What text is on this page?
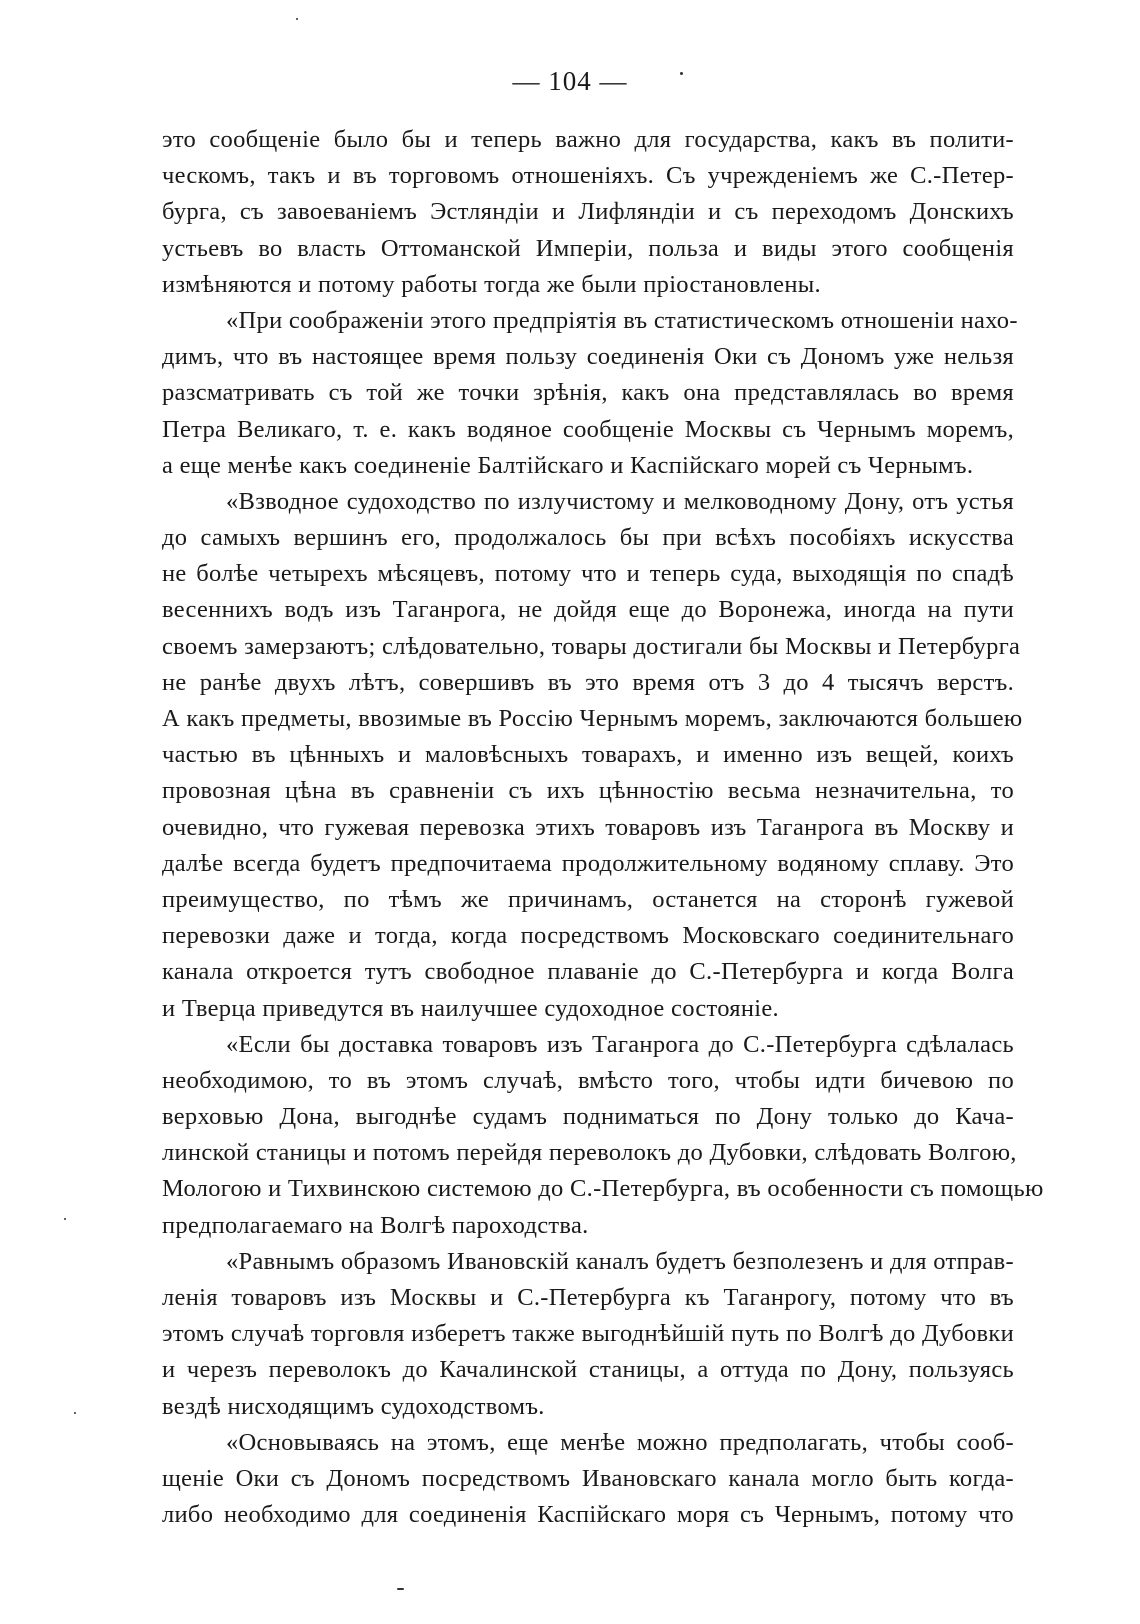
— 104 —

это сообщеніе было бы и теперь важно для государства, какъ въ полити-
ческомъ, такъ и въ торговомъ отношеніяхъ. Съ учрежденіемъ же С.-Петер-
бурга, съ завоеваніемъ Эстляндіи и Лифляндіи и съ переходомъ Донскихъ
устьевъ во власть Оттоманской Имперіи, польза и виды этого сообщенія
измѣняются и потому работы тогда же были пріостановлены.

«При соображеніи этого предпріятія въ статистическомъ отношеніи нахо-
димъ, что въ настоящее время пользу соединенія Оки съ Дономъ уже нельзя
разсматривать съ той же точки зрѣнія, какъ она представлялась во время
Петра Великаго, т. е. какъ водяное сообщеніе Москвы съ Чернымъ моремъ,
а еще менѣе какъ соединеніе Балтійскаго и Каспійскаго морей съ Чернымъ.

«Взводное судоходство по излучистому и мелководному Дону, отъ устья
до самыхъ вершинъ его, продолжалось бы при всѣхъ пособіяхъ искусства
не болѣе четырехъ мѣсяцевъ, потому что и теперь суда, выходящія по спадѣ
весеннихъ водъ изъ Таганрога, не дойдя еще до Воронежа, иногда на пути
своемъ замерзаютъ; слѣдовательно, товары достигали бы Москвы и Петербурга
не ранѣе двухъ лѣтъ, совершивъ въ это время отъ 3 до 4 тысячъ верстъ.
А какъ предметы, ввозимые въ Россію Чернымъ моремъ, заключаются большею
частью въ цѣнныхъ и маловѣсныхъ товарахъ, и именно изъ вещей, коихъ
провозная цѣна въ сравненіи съ ихъ цѣнностію весьма незначительна, то
очевидно, что гужевая перевозка этихъ товаровъ изъ Таганрога въ Москву и
далѣе всегда будетъ предпочитаема продолжительному водяному сплаву. Это
преимущество, по тѣмъ же причинамъ, останется на сторонѣ гужевой
перевозки даже и тогда, когда посредствомъ Московскаго соединительнаго
канала откроется тутъ свободное плаваніе до С.-Петербурга и когда Волга
и Тверца приведутся въ наилучшее судоходное состояніе.

«Если бы доставка товаровъ изъ Таганрога до С.-Петербурга сдѣлалась
необходимою, то въ этомъ случаѣ, вмѣсто того, чтобы идти бичевою по
верховью Дона, выгоднѣе судамъ подниматься по Дону только до Кача-
линской станицы и потомъ перейдя переволокъ до Дубовки, слѣдовать Волгою,
Мологою и Тихвинскою системою до С.-Петербурга, въ особенности съ помощью
предполагаемаго на Волгѣ пароходства.

«Равнымъ образомъ Ивановскій каналъ будетъ безполезенъ и для отправ-
ленія товаровъ изъ Москвы и С.-Петербурга къ Таганрогу, потому что въ
этомъ случаѣ торговля изберетъ также выгоднѣйшій путь по Волгѣ до Дубовки
и черезъ переволокъ до Качалинской станицы, а оттуда по Дону, пользуясь
вездѣ нисходящимъ судоходствомъ.

«Основываясь на этомъ, еще менѣе можно предполагать, чтобы сооб-
щеніе Оки съ Дономъ посредствомъ Ивановскаго канала могло быть когда-
либо необходимо для соединенія Каспійскаго моря съ Чернымъ, потому что
